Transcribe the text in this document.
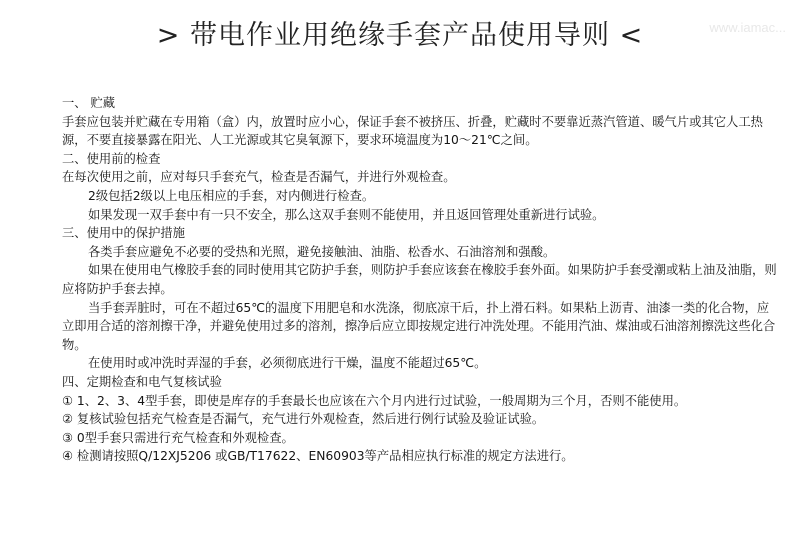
> 带电作业用绝缘手套产品使用导则 <	www.iamac...

一、 贮藏

手套应包装并贮藏在专用箱（盒）内，放置时应小心，保证手套不被挤压、折叠，贮藏时不要靠近蒸汽管道、暖气片或其它人工热源，不要直接暴露在阳光、人工光源或其它臭氧源下，要求环境温度为10～21℃之间。

二、使用前的检查

在每次使用之前，应对每只手套充气，检查是否漏气，并进行外观检查。

2级包括2级以上电压相应的手套，对内侧进行检查。

如果发现一双手套中有一只不安全，那么这双手套则不能使用，并且返回管理处重新进行试验。

三、使用中的保护措施

各类手套应避免不必要的受热和光照，避免接触油、油脂、松香水、石油溶剂和强酸。

如果在使用电气橡胶手套的同时使用其它防护手套，则防护手套应该套在橡胶手套外面。如果防护手套受潮或粘上油及油脂，则应将防护手套去掉。

当手套弄脏时，可在不超过65℃的温度下用肥皂和水洗涤，彻底凉干后，扑上滑石料。如果粘上沥青、油漆一类的化合物，应立即用合适的溶剂擦干净，并避免使用过多的溶剂，擦净后应立即按规定进行冲洗处理。不能用汽油、煤油或石油溶剂擦洗这些化合物。

在使用时或冲洗时弄湿的手套，必须彻底进行干燥，温度不能超过65℃。

四、定期检查和电气复核试验

① 1、2、3、4型手套，即使是库存的手套最长也应该在六个月内进行过试验，一般周期为三个月，否则不能使用。

② 复核试验包括充气检查是否漏气，充气进行外观检查，然后进行例行试验及验证试验。

③ 0型手套只需进行充气检查和外观检查。

④ 检测请按照Q/12XJ5206 或GB/T17622、EN60903等产品相应执行标准的规定方法进行。
